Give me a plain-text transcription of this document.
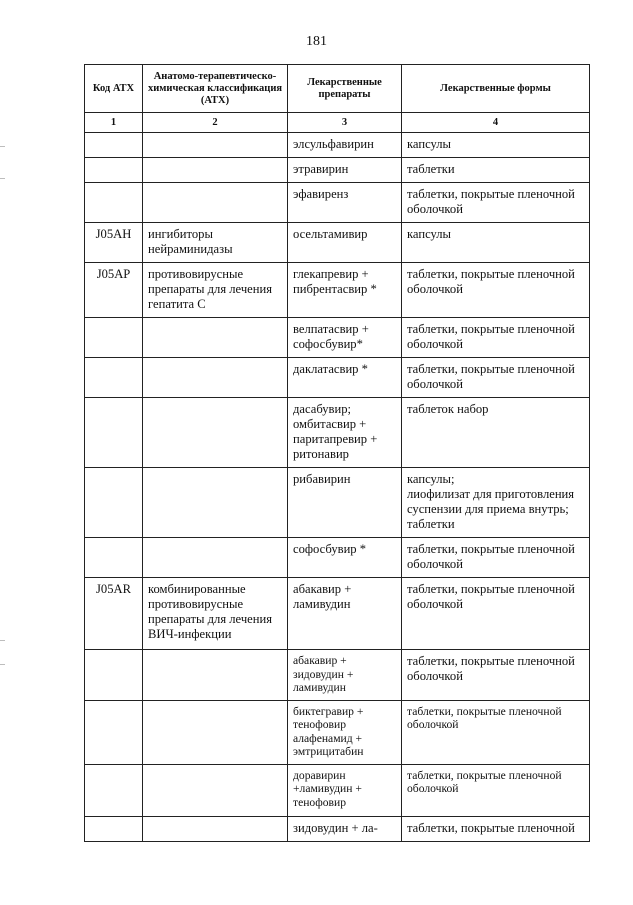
181
Код АТХ	Анатомо-терапевтическо-химическая классификация (АТХ)	Лекарственные препараты	Лекарственные формы
1	2	3	4
		элсульфавирин	капсулы
		этравирин	таблетки
		эфавиренз	таблетки, покрытые пленочной оболочкой
J05AH	ингибиторы нейраминидазы	осельтамивир	капсулы
J05AP	противовирусные препараты для лечения гепатита С	глекапревир + пибрентасвир *	таблетки, покрытые пленочной оболочкой
		велпатасвир + софосбувир*	таблетки, покрытые пленочной оболочкой
		даклатасвир *	таблетки, покрытые пленочной оболочкой
		дасабувир; омбитасвир + паритапревир + ритонавир	таблеток набор
		рибавирин	капсулы;
лиофилизат для приготовления суспензии для приема внутрь;
таблетки
		софосбувир *	таблетки, покрытые пленочной оболочкой
J05AR	комбинированные противовирусные препараты для лечения ВИЧ-инфекции	абакавир + ламивудин	таблетки, покрытые пленочной оболочкой
		абакавир + зидовудин + ламивудин	таблетки, покрытые пленочной оболочкой
		биктегравир + тенофовир алафенамид + эмтрицитабин	таблетки, покрытые пленочной оболочкой
		доравирин +ламивудин + тенофовир	таблетки, покрытые пленочной оболочкой
		зидовудин + ла-	таблетки, покрытые пленочной
